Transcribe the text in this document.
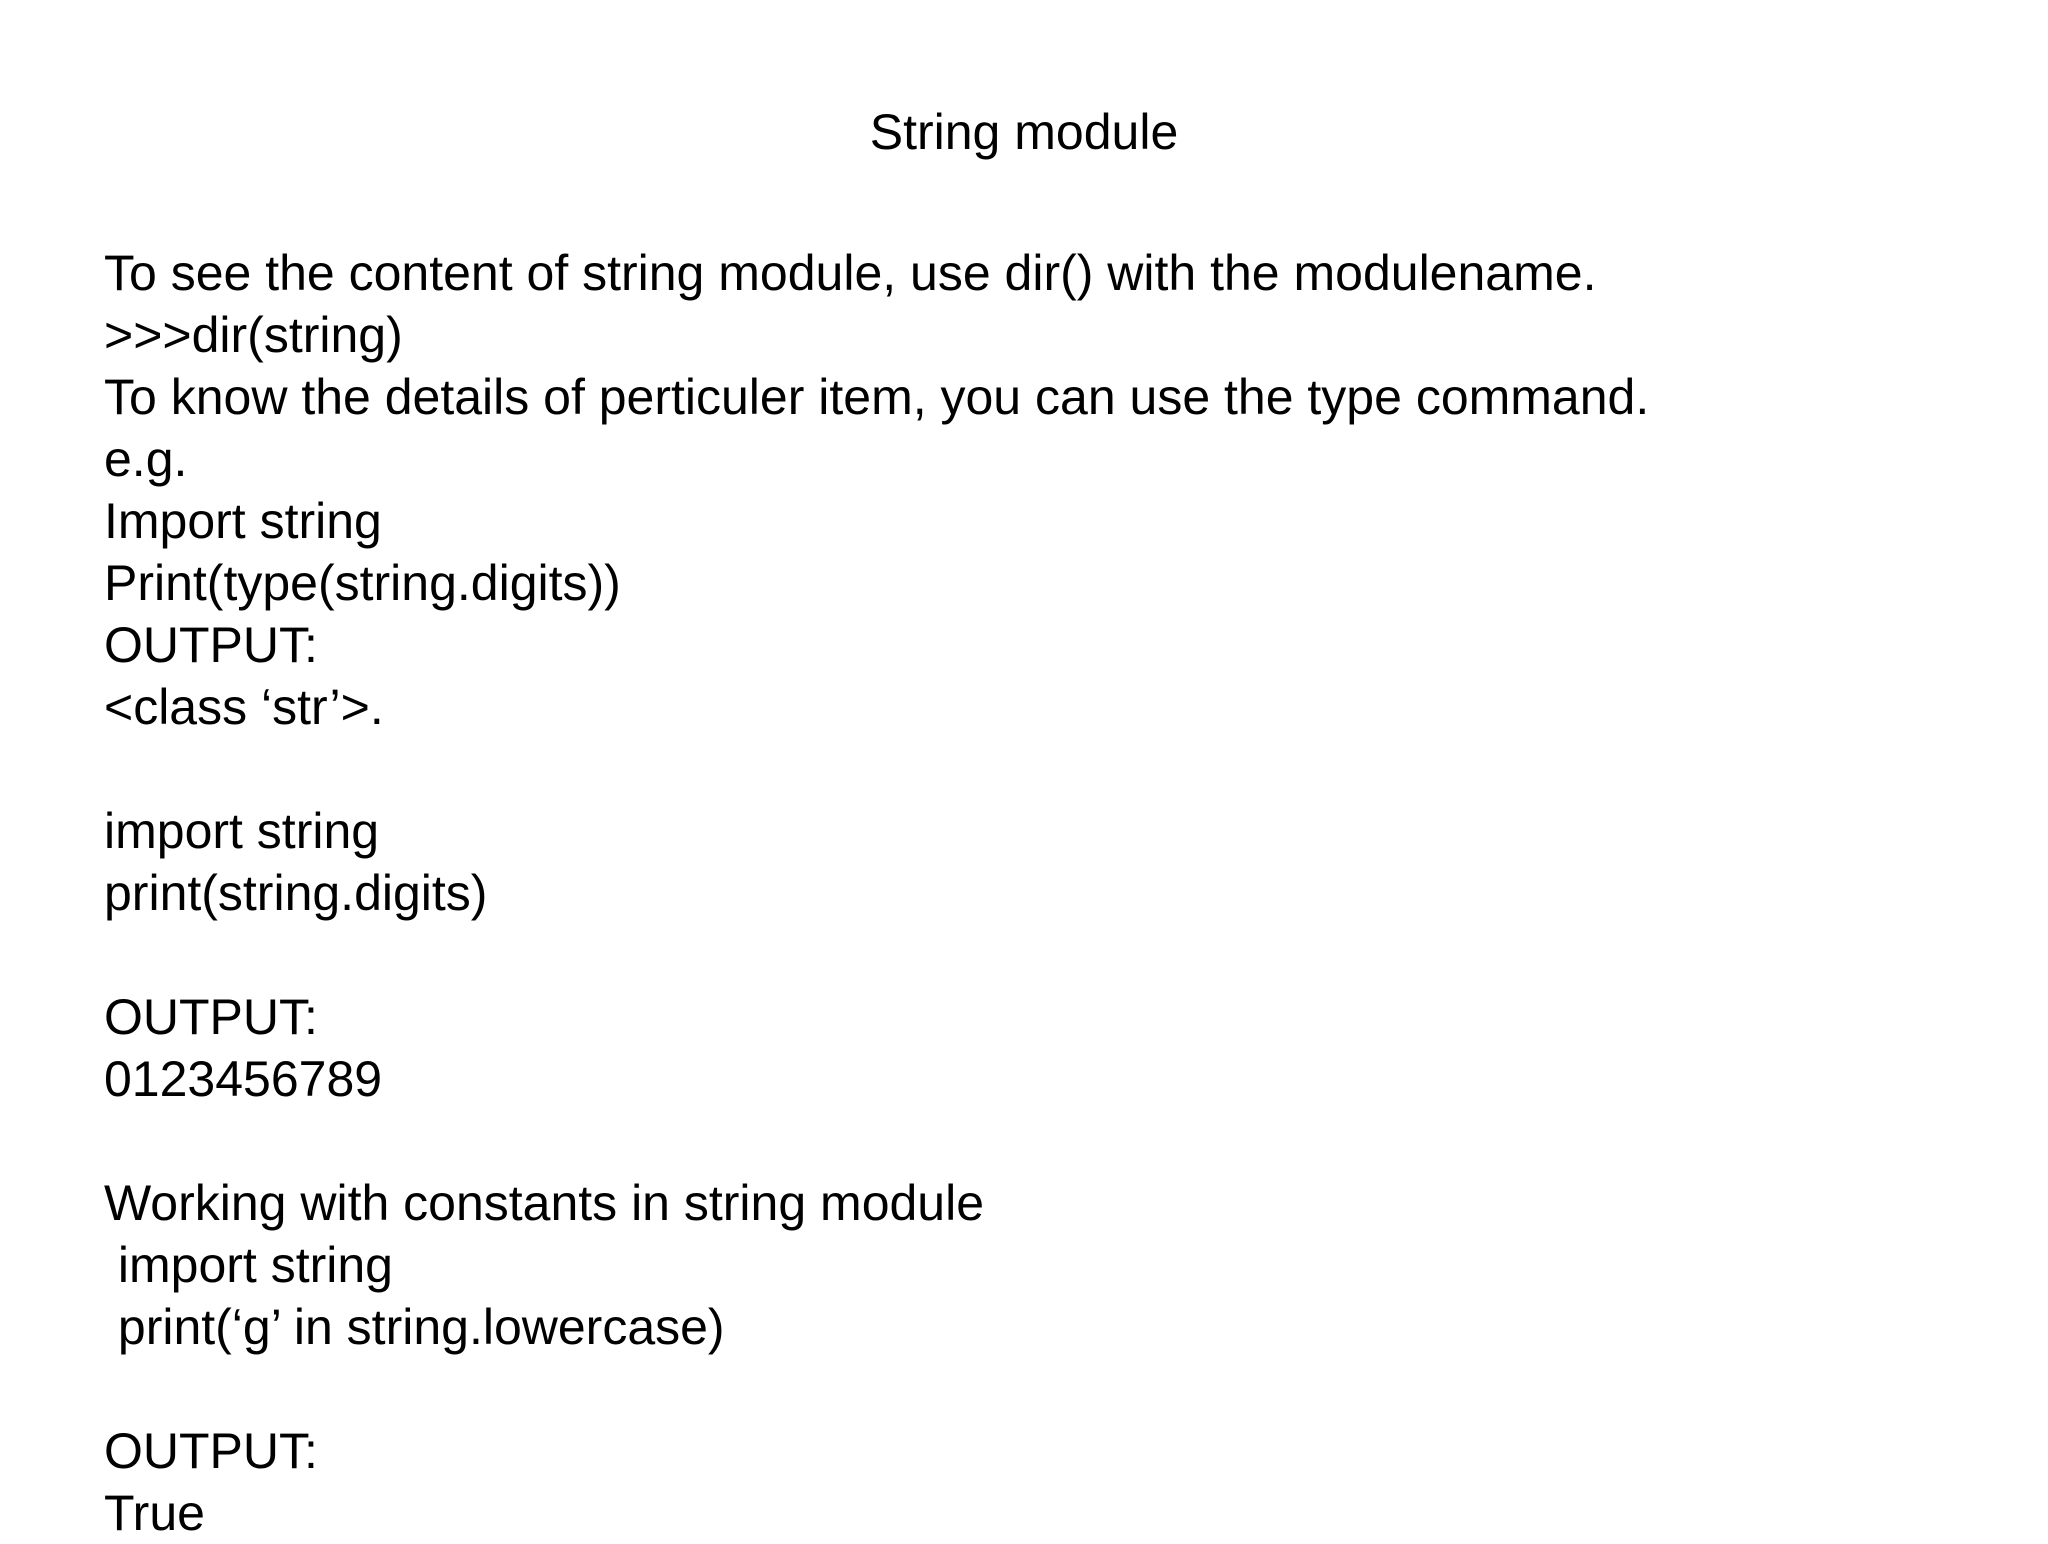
String module
To see the content of string module, use dir() with the modulename.
>>>dir(string)
To know the details of perticuler item, you can use the type command.
e.g.
Import string
Print(type(string.digits))
OUTPUT:
<class ‘str’>.
import string
print(string.digits)
OUTPUT:
0123456789
Working with constants in string module
import string
print(‘g’ in string.lowercase)
OUTPUT:
True
